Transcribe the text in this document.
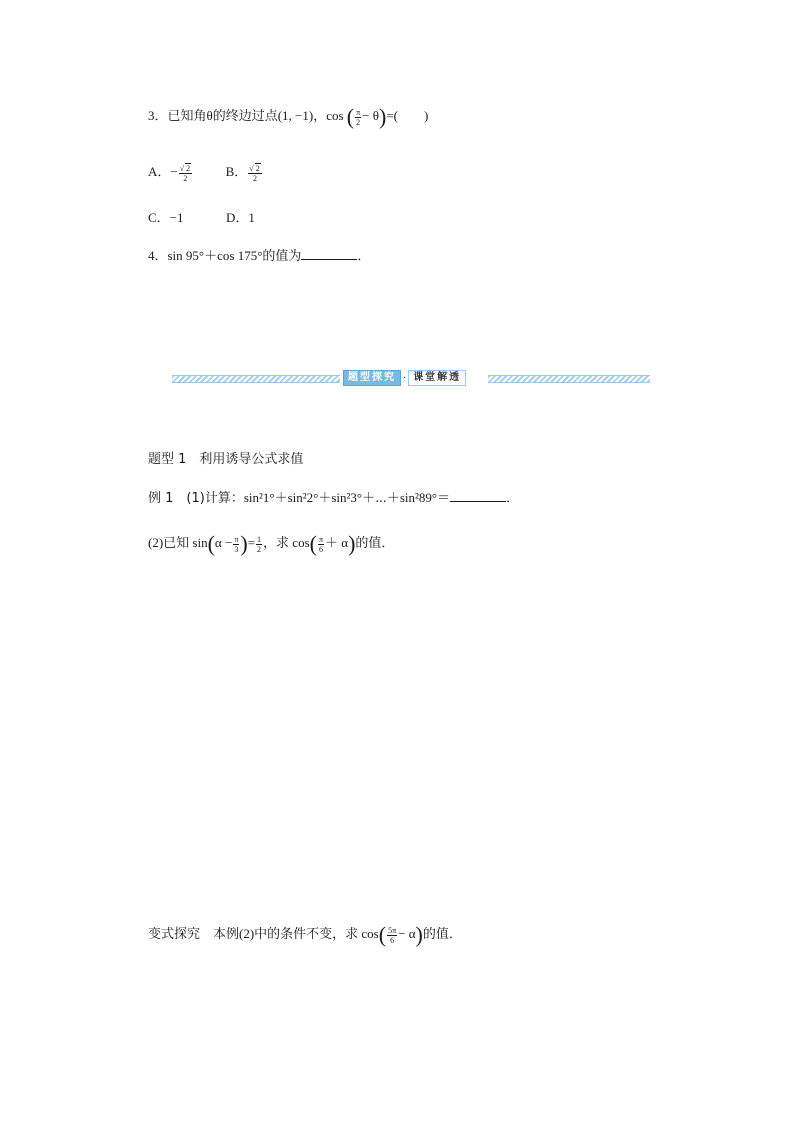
3．已知角θ的终边过点(1, −1)，cos ( $\frac{\pi}{2} - \theta)=$(　　)
A．− $\frac{√ 2}{2}$	B． $\frac{√ 2}{2}$
C．−1	D．1
4．sin 95°＋cos 175°的值为	．
题型探究 · 课堂解透
题型 1　利用诱导公式求值
例 1　(1)计算：sin²1°＋sin²2°＋sin²3°＋⋯＋sin²89°＝	．
(2)已知 $\sin(\alpha - \frac{\pi}{3}$ )= $\frac{1}{2}$ ，求 $\cos( \frac{\pi}{6} + \alpha)$的值．
变式探究　本例(2)中的条件不变，求 $\cos( \frac{5\pi}{6} - \alpha)$的值．
